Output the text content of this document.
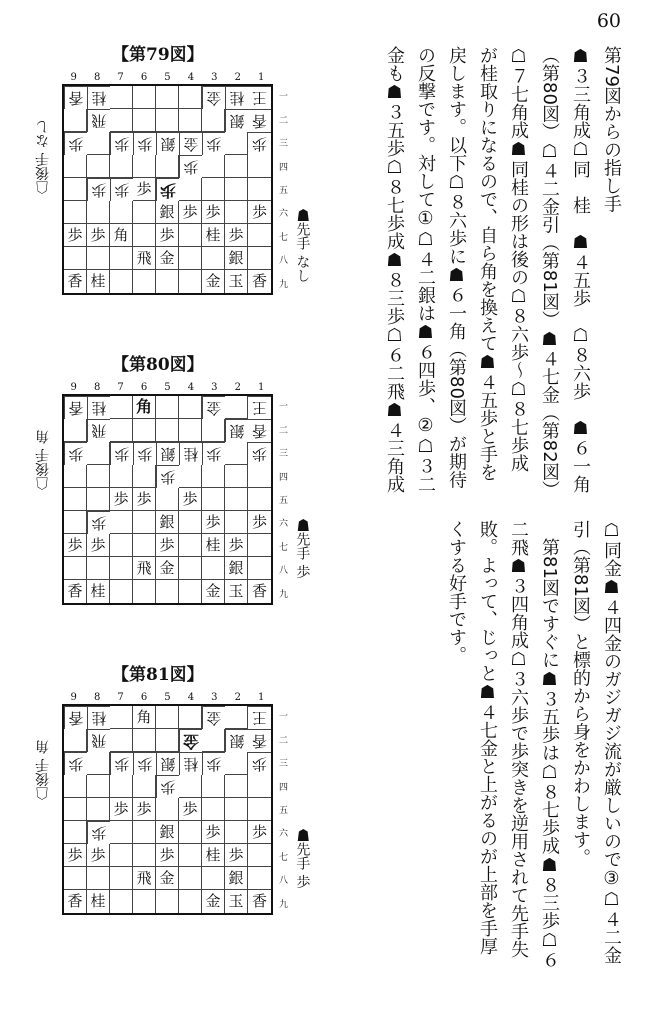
60
第79図からの指し手
☗３三角成☖同　桂　☗４五歩　☖８六歩　☗６一角
（第80図）☖４二金引（第81図）☗４七金（第82図）
☖７七角成☗同桂の形は後の☖８六歩～☖８七歩成
が桂取りになるので、自ら角を換えて☗４五歩と手を
戻します。以下☖８六歩に☗６一角（第80図）が期待
の反撃です。対して①☖４二銀は☗６四歩、②☖３二
金も☗３五歩☖８七歩成☗８三歩☖６二飛☗４三角成
☖同金☗４四金のガジガジ流が厳しいので③☖４二金
引（第81図）と標的から身をかわします。
　第81図ですぐに☗３五歩は☖８七歩成☗８三歩☖６
二飛☗３四角成☖３六歩で歩突きを逆用されて先手失
敗。よって、じっと☗４七金と上がるのが上部を手厚
くする好手です。
【第79図】
9	8	7	6	5	4	3	2	1
香 桂	金 桂 王
飛	銀 香
歩	歩 歩 銀 金 歩 歩
歩
歩 歩 歩 歩
銀 歩 歩	歩
歩 歩 角	歩	桂 歩
飛 金	銀
香 桂	金 玉 香
一
二
三
四
五
六
七
八
九
☖後手 なし
☗先手 なし
【第80図】
9	8	7	6	5	4	3	2	1
香 桂 角	金 王
飛	銀 香
歩	歩 歩 銀 桂 歩 歩
歩
歩 歩	歩
歩	銀	歩	歩
歩 歩	歩	桂 歩
飛 金	銀
香 桂	金 玉 香
一
二
三
四
五
六
七
八
九
☖後手 角
☗先手 歩
【第81図】
9	8	7	6	5	4	3	2	1
香 桂 角	金 王
飛	金	銀 香
歩	歩 歩 銀 桂 歩 歩
歩
歩 歩	歩
歩	銀	歩	歩
歩 歩	歩	桂 歩
飛 金	銀
香 桂	金 玉 香
一
二
三
四
五
六
七
八
九
☖後手 角
☗先手 歩
